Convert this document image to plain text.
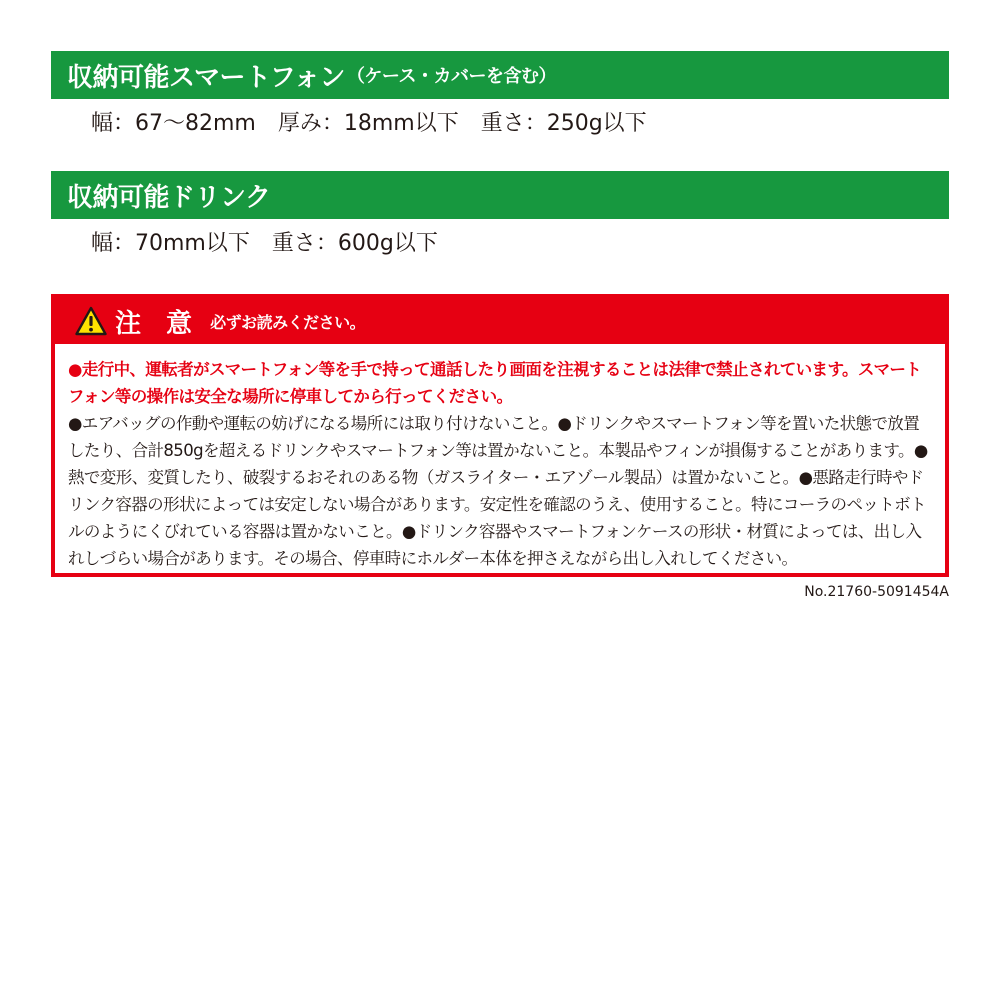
収納可能スマートフォン （ケース・カバーを含む）
幅：67〜82mm 厚み：18mm以下 重さ：250g以下
収納可能ドリンク
幅：70mm以下 重さ：600g以下
注 意 必ずお読みください。
●走行中、運転者がスマートフォン等を手で持って通話したり画面を注視することは法律で禁止されています。スマートフォン等の操作は安全な場所に停車してから行ってください。
●エアバッグの作動や運転の妨げになる場所には取り付けないこと。●ドリンクやスマートフォン等を置いた状態で放置したり、合計850gを超えるドリンクやスマートフォン等は置かないこと。本製品やフィンが損傷することがあります。●熱で変形、変質したり、破裂するおそれのある物（ガスライター・エアゾール製品）は置かないこと。●悪路走行時やドリンク容器の形状によっては安定しない場合があります。安定性を確認のうえ、使用すること。特にコーラのペットボトルのようにくびれている容器は置かないこと。●ドリンク容器やスマートフォンケースの形状・材質によっては、出し入れしづらい場合があります。その場合、停車時にホルダー本体を押さえながら出し入れしてください。
No.21760-5091454A
